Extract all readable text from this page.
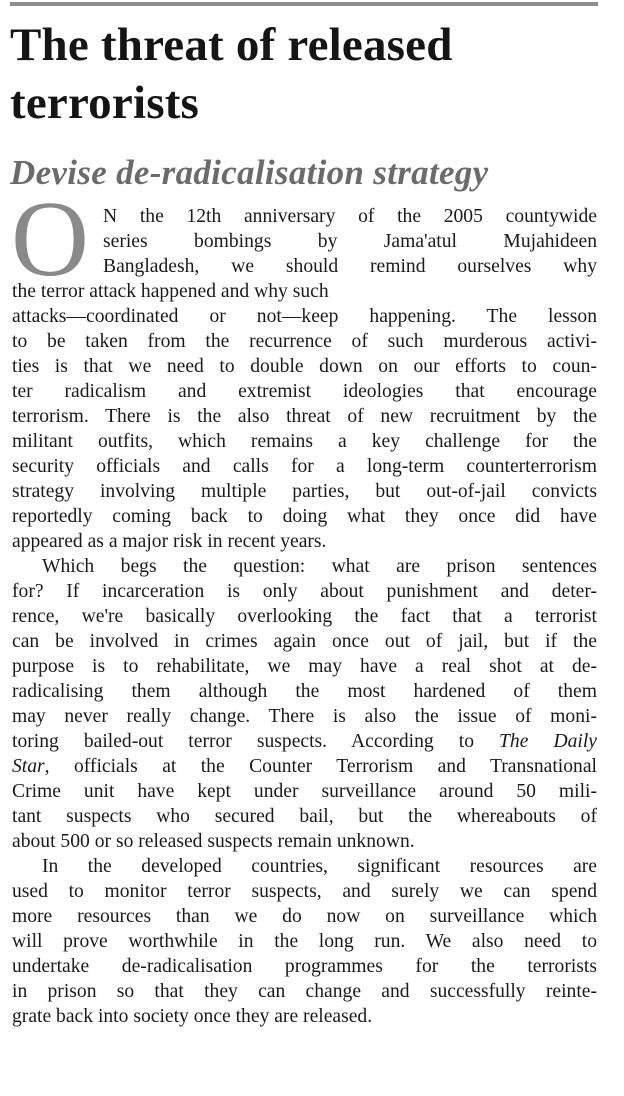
The threat of released
terrorists
Devise de-radicalisation strategy
O N the 12th anniversary of the 2005 countywide
series bombings by Jama'atul Mujahideen
Bangladesh, we should remind ourselves why
the terror attack happened and why such
attacks—coordinated or not—keep happening. The lesson
to be taken from the recurrence of such murderous activi-
ties is that we need to double down on our efforts to coun-
ter radicalism and extremist ideologies that encourage
terrorism. There is the also threat of new recruitment by the
militant outfits, which remains a key challenge for the
security officials and calls for a long-term counterterrorism
strategy involving multiple parties, but out-of-jail convicts
reportedly coming back to doing what they once did have
appeared as a major risk in recent years.
Which begs the question: what are prison sentences
for? If incarceration is only about punishment and deter-
rence, we're basically overlooking the fact that a terrorist
can be involved in crimes again once out of jail, but if the
purpose is to rehabilitate, we may have a real shot at de-
radicalising them although the most hardened of them
may never really change. There is also the issue of moni-
toring bailed-out terror suspects. According to The Daily
Star, officials at the Counter Terrorism and Transnational
Crime unit have kept under surveillance around 50 mili-
tant suspects who secured bail, but the whereabouts of
about 500 or so released suspects remain unknown.
In the developed countries, significant resources are
used to monitor terror suspects, and surely we can spend
more resources than we do now on surveillance which
will prove worthwhile in the long run. We also need to
undertake de-radicalisation programmes for the terrorists
in prison so that they can change and successfully reinte-
grate back into society once they are released.
